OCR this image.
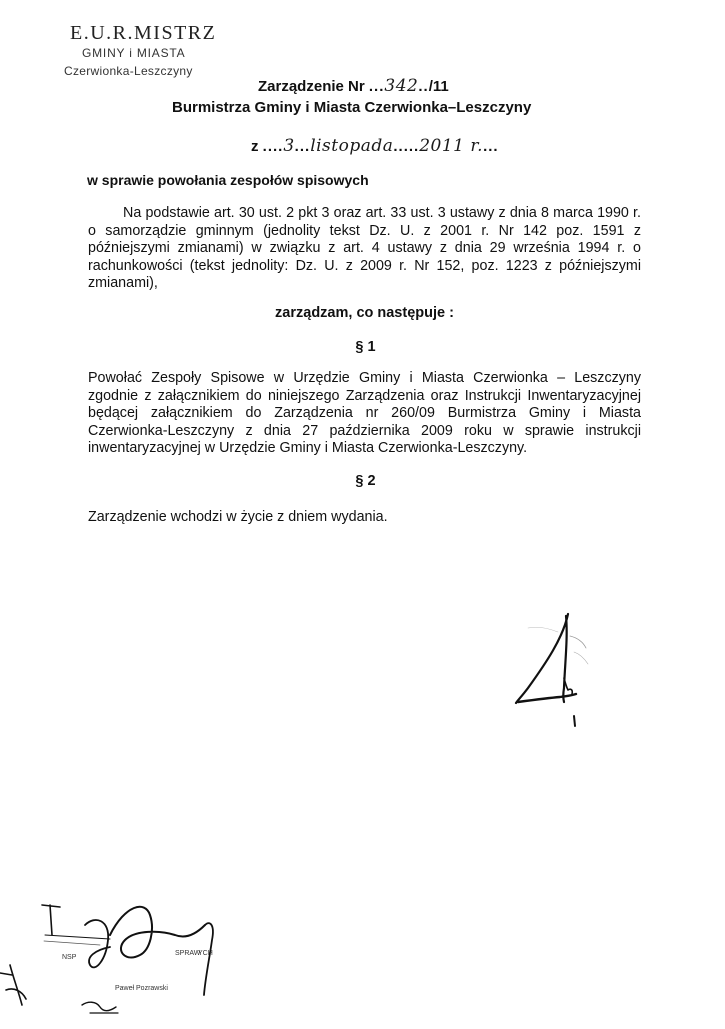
E.U.R.MISTRZ
GMINY i MIASTA
Czerwionka-Leszczyny
Zarządzenie Nr ...342../11
Burmistrza Gminy i Miasta Czerwionka–Leszczyny
z ....3...listopada.....2011 r....
w sprawie powołania zespołów spisowych
Na podstawie art. 30 ust. 2 pkt 3 oraz art. 33 ust. 3 ustawy z dnia 8 marca 1990 r. o samorządzie gminnym (jednolity tekst Dz. U. z 2001 r. Nr 142 poz. 1591 z późniejszymi zmianami) w związku z art. 4 ustawy z dnia 29 września 1994 r. o rachunkowości (tekst jednolity: Dz. U. z 2009 r. Nr 152, poz. 1223 z późniejszymi zmianami),
zarządzam, co następuje :
§ 1
Powołać Zespoły Spisowe w Urzędzie Gminy i Miasta Czerwionka – Leszczyny zgodnie z załącznikiem do niniejszego Zarządzenia oraz Instrukcji Inwentaryzacyjnej będącej załącznikiem do Zarządzenia nr 260/09 Burmistrza Gminy i Miasta Czerwionka-Leszczyny z dnia 27 października 2009 roku w sprawie instrukcji inwentaryzacyjnej w Urzędzie Gminy i Miasta Czerwionka-Leszczyny.
§ 2
Zarządzenie wchodzi w życie z dniem wydania.
NSP
SPRAW
YCH
Paweł Pozrawski
